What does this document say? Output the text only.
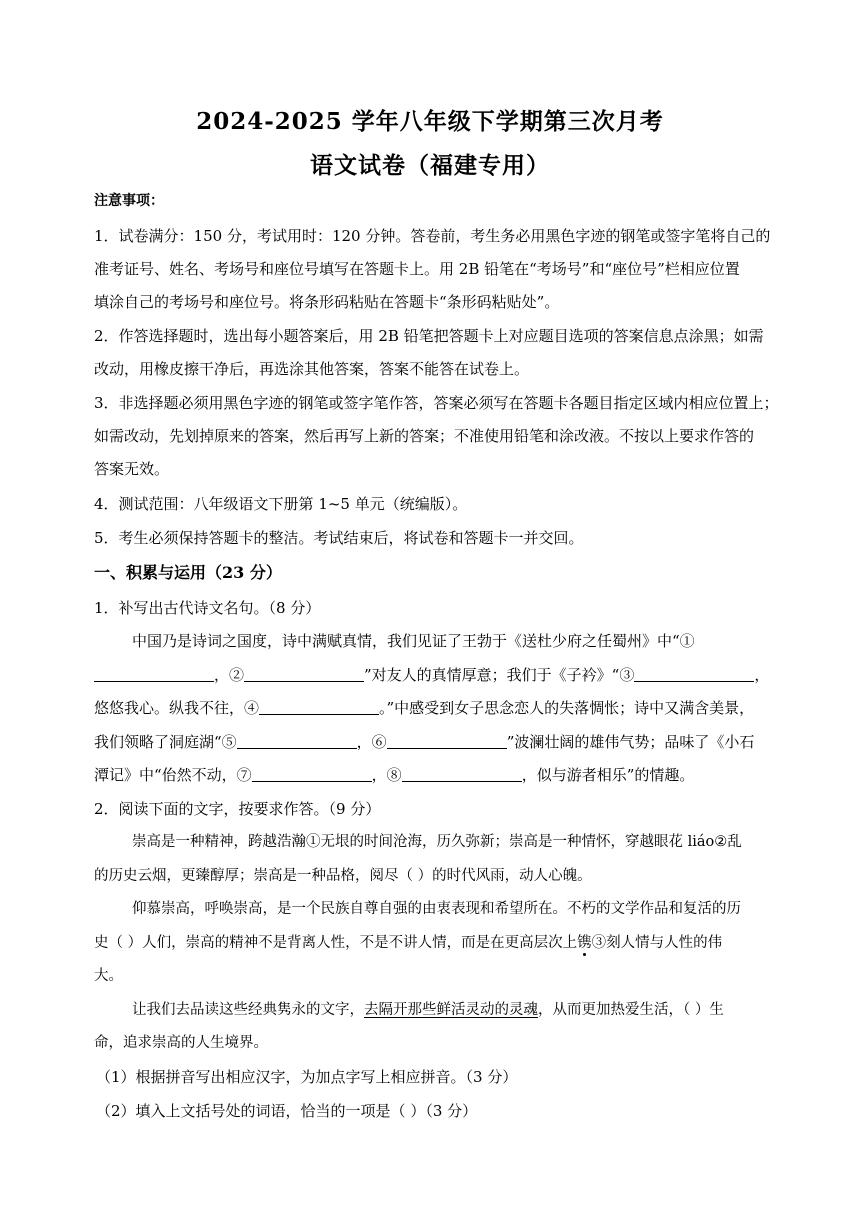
2024-2025 学年八年级下学期第三次月考
语文试卷（福建专用）
注意事项：
1．试卷满分：150 分，考试用时：120 分钟。答卷前，考生务必用黑色字迹的钢笔或签字笔将自己的
准考证号、姓名、考场号和座位号填写在答题卡上。用 2B 铅笔在“考场号”和“座位号”栏相应位置
填涂自己的考场号和座位号。将条形码粘贴在答题卡“条形码粘贴处”。
2．作答选择题时，选出每小题答案后，用 2B 铅笔把答题卡上对应题目选项的答案信息点涂黑；如需
改动，用橡皮擦干净后，再选涂其他答案，答案不能答在试卷上。
3．非选择题必须用黑色字迹的钢笔或签字笔作答，答案必须写在答题卡各题目指定区域内相应位置上；
如需改动，先划掉原来的答案，然后再写上新的答案；不准使用铅笔和涂改液。不按以上要求作答的
答案无效。
4．测试范围：八年级语文下册第 1~5 单元（统编版）。
5．考生必须保持答题卡的整洁。考试结束后，将试卷和答题卡一并交回。
一、积累与运用（23 分）
1．补写出古代诗文名句。（8 分）
中国乃是诗词之国度，诗中满赋真情，我们见证了王勃于《送杜少府之任蜀州》中“①
，②	”对友人的真情厚意；我们于《子衿》“③	，
悠悠我心。纵我不往，④	。”中感受到女子思念恋人的失落惆怅；诗中又满含美景，
我们领略了洞庭湖“⑤	，⑥	”波澜壮阔的雄伟气势；品味了《小石
潭记》中“佁然不动，⑦	，⑧	，似与游者相乐”的情趣。
2．阅读下面的文字，按要求作答。（9 分）
崇高是一种精神，跨越浩瀚①无垠的时间沧海，历久弥新；崇高是一种情怀，穿越眼花 liáo②乱
的历史云烟，更臻醇厚；崇高是一种品格，阅尽（ ）的时代风雨，动人心魄。
仰慕崇高，呼唤崇高，是一个民族自尊自强的由衷表现和希望所在。不朽的文学作品和复活的历
史（ ）人们，崇高的精神不是背离人性，不是不讲人情，而是在更高层次上镌③刻人情与人性的伟
大。
让我们去品读这些经典隽永的文字，去隔开那些鲜活灵动的灵魂，从而更加热爱生活，（ ）生
命，追求崇高的人生境界。
（1）根据拼音写出相应汉字，为加点字写上相应拼音。（3 分）
（2）填入上文括号处的词语，恰当的一项是（ ）（3 分）
